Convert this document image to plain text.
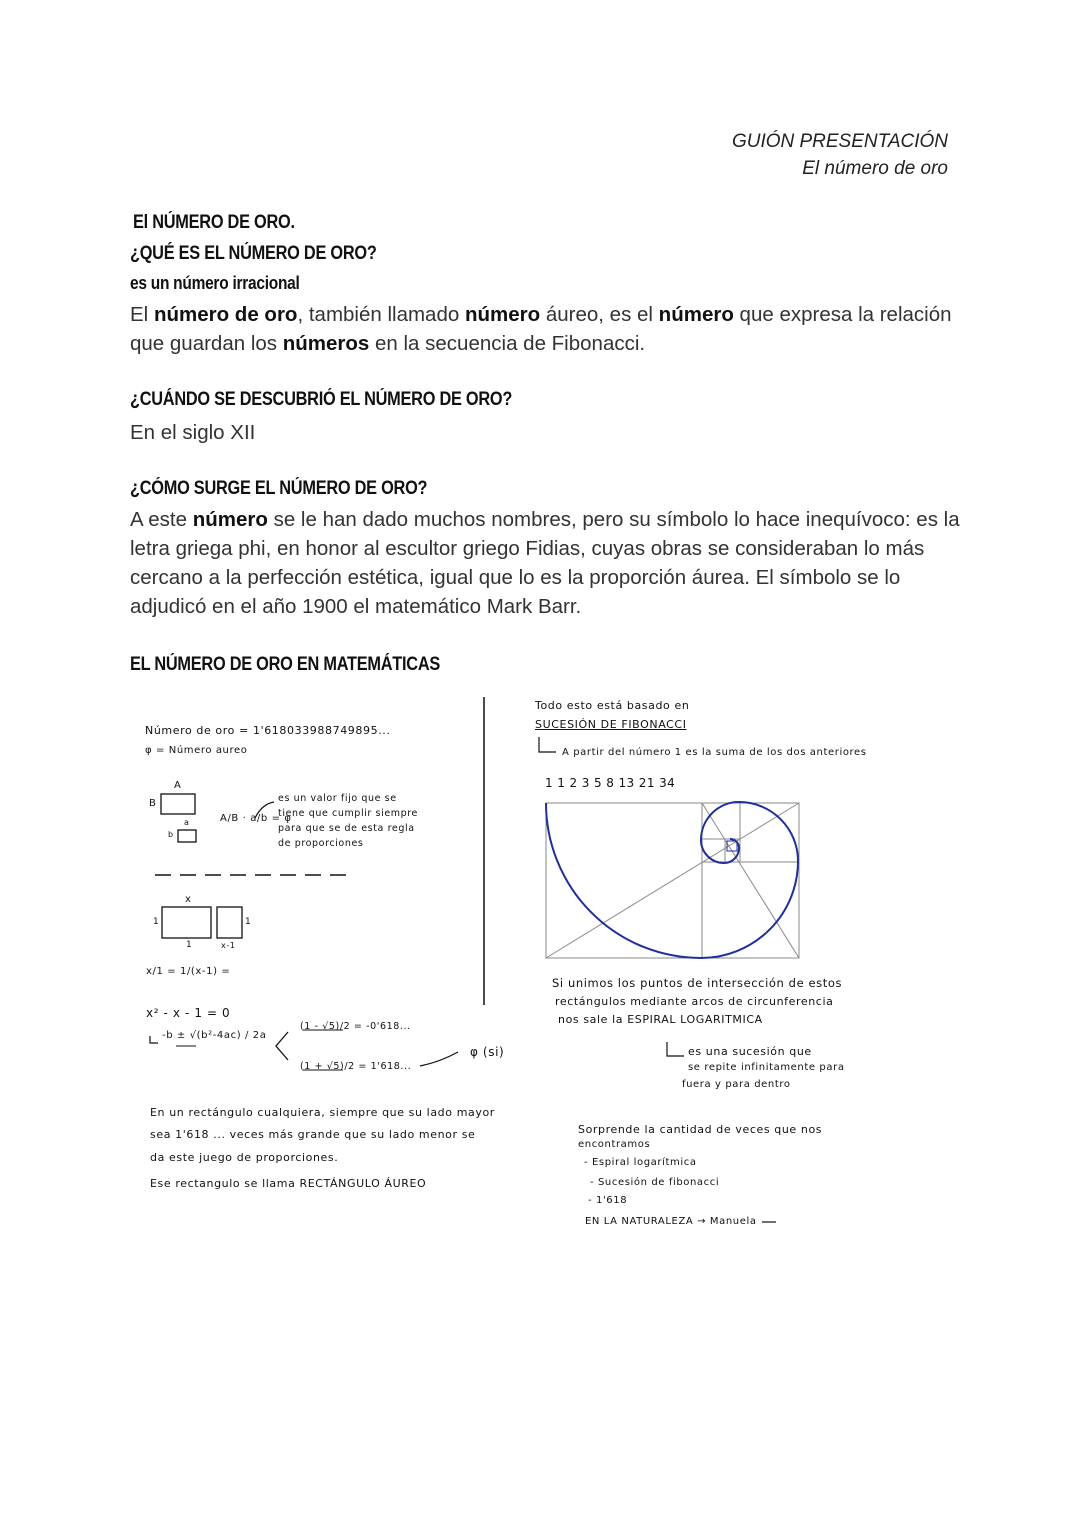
GUIÓN PRESENTACIÓN
El número de oro
El NÚMERO DE ORO.
¿QUÉ ES EL NÚMERO DE ORO?
es un número irracional
El número de oro, también llamado número áureo, es el número que expresa la relación que guardan los números en la secuencia de Fibonacci.
¿CUÁNDO SE DESCUBRIÓ EL NÚMERO DE ORO?
En el siglo XII
¿CÓMO SURGE EL NÚMERO DE ORO?
A este número se le han dado muchos nombres, pero su símbolo lo hace inequívoco: es la letra griega phi, en honor al escultor griego Fidias, cuyas obras se consideraban lo más cercano a la perfección estética, igual que lo es la proporción áurea. El símbolo se lo adjudicó en el año 1900 el matemático Mark Barr.
EL NÚMERO DE ORO EN MATEMÁTICAS
Número de oro = 1'618033988749895...
φ = Número aureo
A
B
a
b
A/B · a/b = φ
es un valor fijo que se
tiene que cumplir siempre
para que se de esta regla
de proporciones
x
1
1
1
x-1
x/1 = 1/(x-1) =
x² - x - 1 = 0
-b ± √(b²-4ac) / 2a
(1 - √5)/2 = -0'618...
(1 + √5)/2 = 1'618...
φ (si)
En un rectángulo cualquiera, siempre que su lado mayor
sea 1'618 ... veces más grande que su lado menor se
da este juego de proporciones.
Ese rectangulo se llama RECTÁNGULO ÁUREO
Todo esto está basado en
SUCESIÓN DE FIBONACCI
A partir del número 1 es la suma de los dos anteriores
1 1 2 3 5 8 13 21 34
Si unimos los puntos de intersección de estos
rectángulos mediante arcos de circunferencia
nos sale la ESPIRAL LOGARITMICA
es una sucesión que
se repite infinitamente para
fuera y para dentro
Sorprende la cantidad de veces que nos
encontramos
- Espiral logarítmica
- Sucesión de fibonacci
- 1'618
EN LA NATURALEZA → Manuela
